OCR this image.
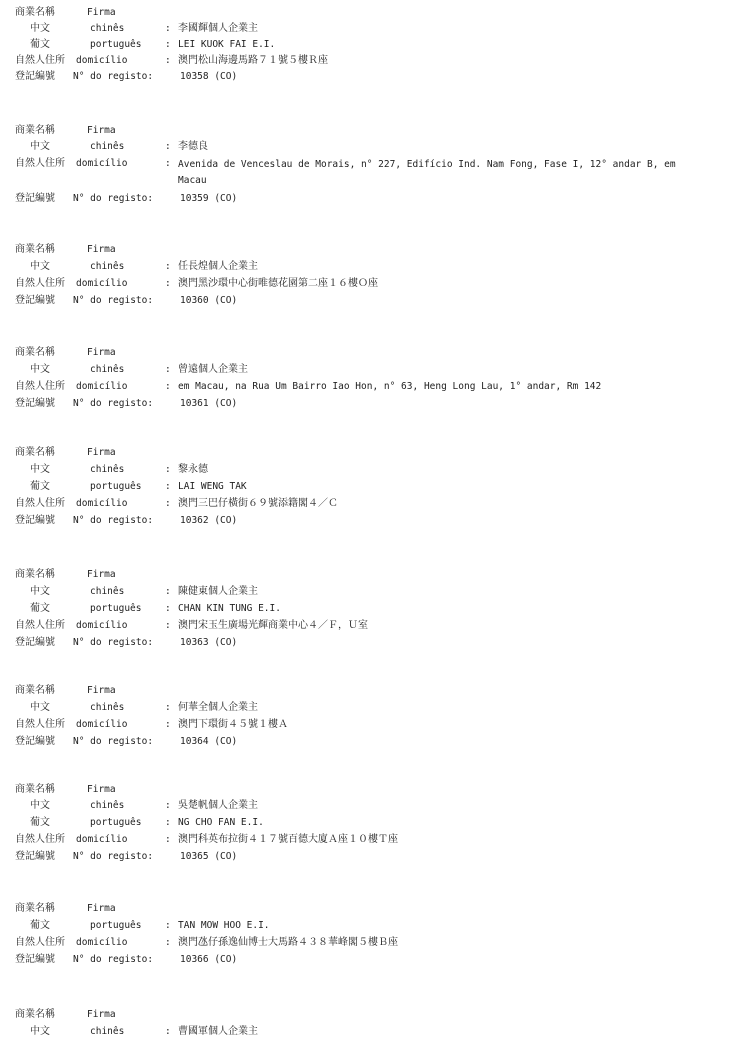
商業名稱	Firma
中文	chinês	: 李國輝個人企業主
葡文	português : LEI KUOK FAI E.I.
自然人住所 domicílio	: 澳門松山海邊馬路７１號５樓Ｒ座
登記編號 N° do registo:	10358 (CO)
商業名稱	Firma
中文	chinês	: 李德良
自然人住所 domicílio	: Avenida de Venceslau de Morais, n° 227, Edifício Ind. Nam Fong, Fase I, 12° andar B, em Macau
登記編號 N° do registo:	10359 (CO)
商業名稱	Firma
中文	chinês	: 任長煌個人企業主
自然人住所 domicílio	: 澳門黑沙環中心街唯德花園第二座１６樓Ｏ座
登記編號 N° do registo:	10360 (CO)
商業名稱	Firma
中文	chinês	: 曾遠個人企業主
自然人住所 domicílio	: em Macau, na Rua Um Bairro Iao Hon, n° 63, Heng Long Lau, 1° andar, Rm 142
登記編號 N° do registo:	10361 (CO)
商業名稱	Firma
中文	chinês	: 黎永德
葡文	português : LAI WENG TAK
自然人住所 domicílio	: 澳門三巴仔橫街６９號添籍閣４／Ｃ
登記編號 N° do registo:	10362 (CO)
商業名稱	Firma
中文	chinês	: 陳健東個人企業主
葡文	português : CHAN KIN TUNG E.I.
自然人住所 domicílio	: 澳門宋玉生廣場光輝商業中心４／Ｆ，Ｕ室
登記編號 N° do registo:	10363 (CO)
商業名稱	Firma
中文	chinês	: 何華全個人企業主
自然人住所 domicílio	: 澳門下環街４５號１樓Ａ
登記編號 N° do registo:	10364 (CO)
商業名稱	Firma
中文	chinês	: 吳楚帆個人企業主
葡文	português : NG CHO FAN E.I.
自然人住所 domicílio	: 澳門科英布拉街４１７號百德大廈Ａ座１０樓Ｔ座
登記編號 N° do registo:	10365 (CO)
商業名稱	Firma
葡文	português : TAN MOW HOO E.I.
自然人住所 domicílio	: 澳門氹仔孫逸仙博士大馬路４３８華峰閣５樓Ｂ座
登記編號 N° do registo:	10366 (CO)
商業名稱	Firma
中文	chinês	: 曹國軍個人企業主
